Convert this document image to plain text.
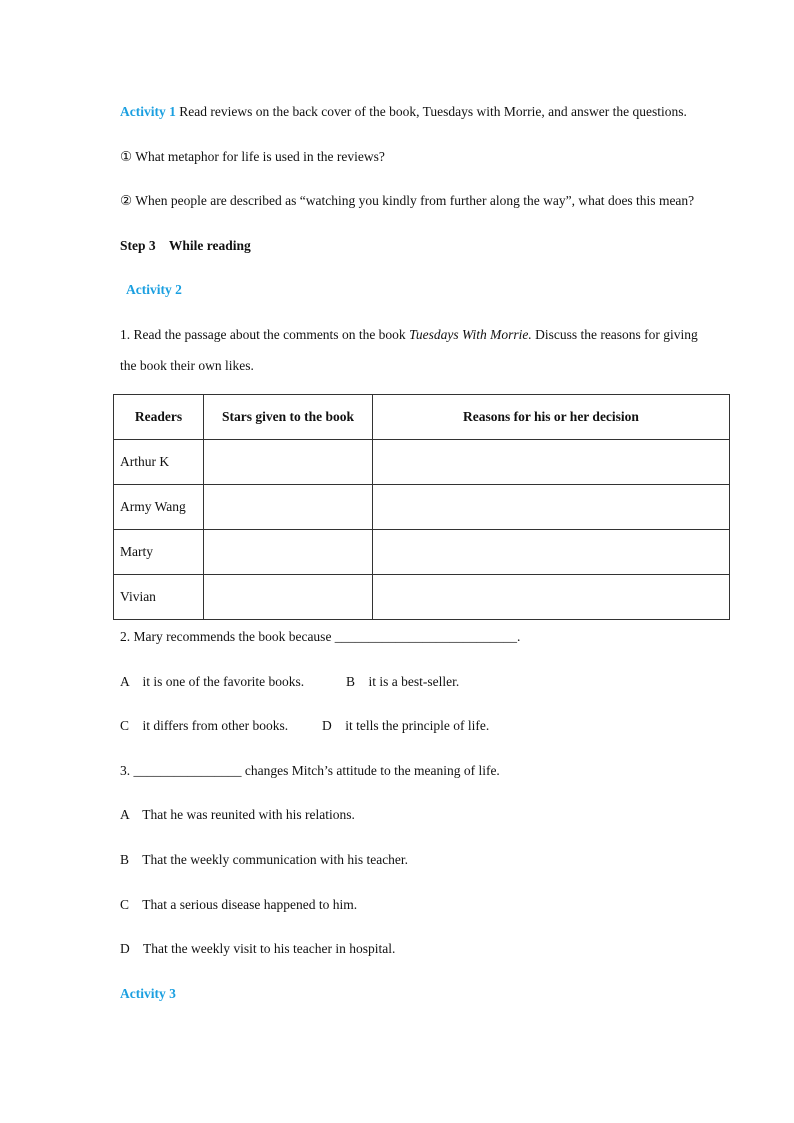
Activity 1 Read reviews on the back cover of the book, Tuesdays with Morrie, and answer the questions.
① What metaphor for life is used in the reviews?
② When people are described as “watching you kindly from further along the way”, what does this mean?
Step 3    While reading
Activity 2
1. Read the passage about the comments on the book Tuesdays With Morrie. Discuss the reasons for giving
the book their own likes.
Readers	Stars given to the book	Reasons for his or her decision
Arthur K		
Army Wang		
Marty		
Vivian		
2. Mary recommends the book because ___________________________.
A    it is one of the favorite books.	B    it is a best-seller.
C    it differs from other books.	D    it tells the principle of life.
3. ________________ changes Mitch’s attitude to the meaning of life.
A    That he was reunited with his relations.
B    That the weekly communication with his teacher.
C    That a serious disease happened to him.
D    That the weekly visit to his teacher in hospital.
Activity 3
